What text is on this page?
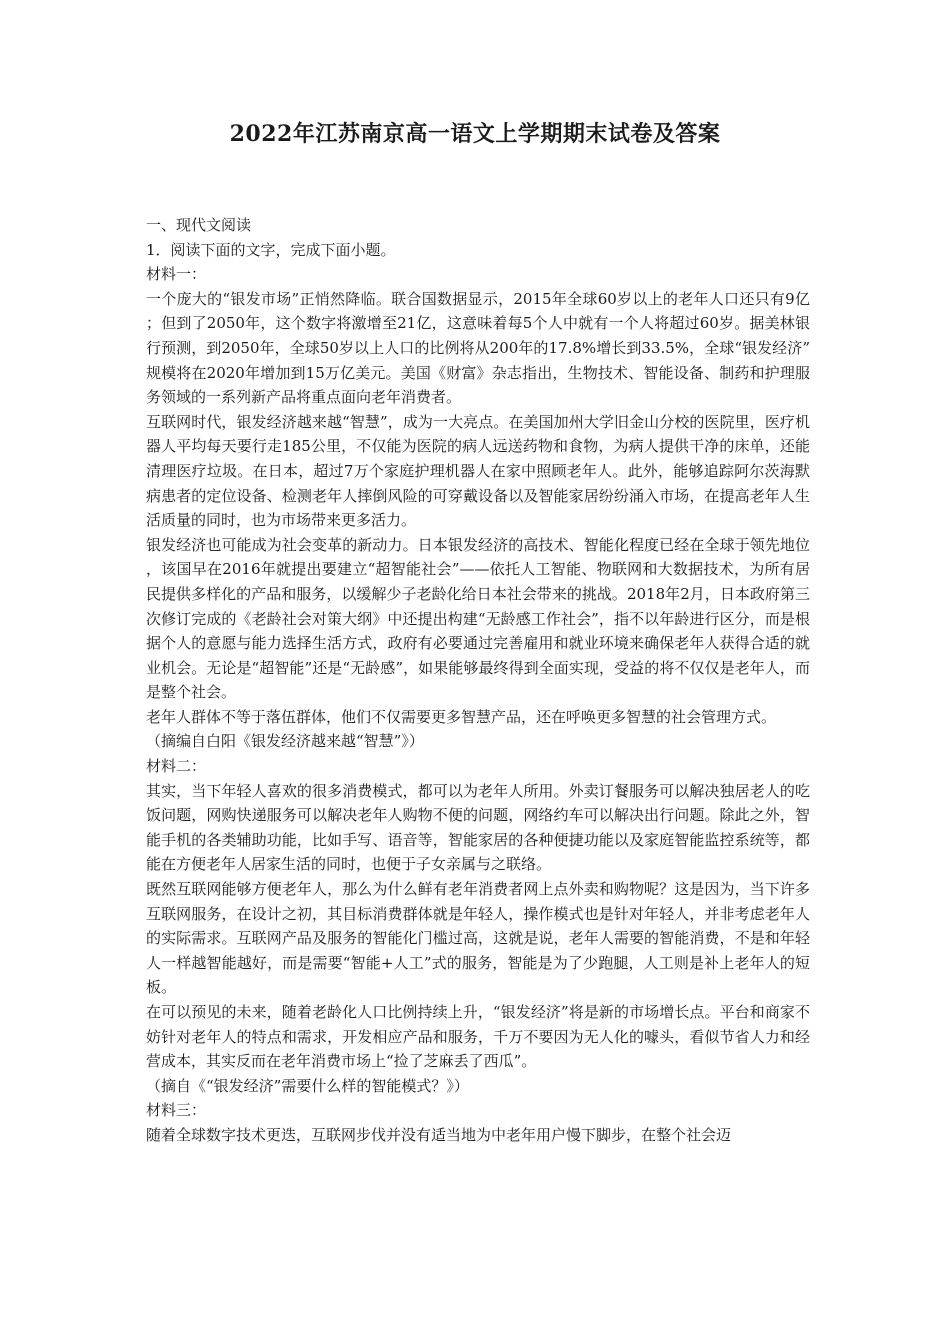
2022年江苏南京高一语文上学期期末试卷及答案

一、现代文阅读

1．阅读下面的文字，完成下面小题。

材料一：

一个庞大的“银发市场”正悄然降临。联合国数据显示，2015年全球60岁以上的老年人口还只有9亿；但到了2050年，这个数字将激增至21亿，这意味着每5个人中就有一个人将超过60岁。据美林银行预测，到2050年，全球50岁以上人口的比例将从200年的17.8%增长到33.5%，全球“银发经济”规模将在2020年增加到15万亿美元。美国《财富》杂志指出，生物技术、智能设备、制药和护理服务领域的一系列新产品将重点面向老年消费者。

互联网时代，银发经济越来越“智慧”，成为一大亮点。在美国加州大学旧金山分校的医院里，医疗机器人平均每天要行走185公里，不仅能为医院的病人远送药物和食物，为病人提供干净的床单，还能清理医疗垃圾。在日本，超过7万个家庭护理机器人在家中照顾老年人。此外，能够追踪阿尔茨海默病患者的定位设备、检测老年人摔倒风险的可穿戴设备以及智能家居纷纷涌入市场，在提高老年人生活质量的同时，也为市场带来更多活力。

银发经济也可能成为社会变革的新动力。日本银发经济的高技术、智能化程度已经在全球于领先地位，该国早在2016年就提出要建立“超智能社会”——依托人工智能、物联网和大数据技术，为所有居民提供多样化的产品和服务，以缓解少子老龄化给日本社会带来的挑战。2018年2月，日本政府第三次修订完成的《老龄社会对策大纲》中还提出构建“无龄感工作社会”，指不以年龄进行区分，而是根据个人的意愿与能力选择生活方式，政府有必要通过完善雇用和就业环境来确保老年人获得合适的就业机会。无论是“超智能”还是“无龄感”，如果能够最终得到全面实现，受益的将不仅仅是老年人，而是整个社会。

老年人群体不等于落伍群体，他们不仅需要更多智慧产品，还在呼唤更多智慧的社会管理方式。

（摘编自白阳《银发经济越来越“智慧”》）

材料二：

其实，当下年轻人喜欢的很多消费模式，都可以为老年人所用。外卖订餐服务可以解决独居老人的吃饭问题，网购快递服务可以解决老年人购物不便的问题，网络约车可以解决出行问题。除此之外，智能手机的各类辅助功能，比如手写、语音等，智能家居的各种便捷功能以及家庭智能监控系统等，都能在方便老年人居家生活的同时，也便于子女亲属与之联络。

既然互联网能够方便老年人，那么为什么鲜有老年消费者网上点外卖和购物呢？这是因为，当下许多互联网服务，在设计之初，其目标消费群体就是年轻人，操作模式也是针对年轻人，并非考虑老年人的实际需求。互联网产品及服务的智能化门槛过高，这就是说，老年人需要的智能消费，不是和年轻人一样越智能越好，而是需要“智能+人工”式的服务，智能是为了少跑腿，人工则是补上老年人的短板。

在可以预见的未来，随着老龄化人口比例持续上升，“银发经济”将是新的市场增长点。平台和商家不妨针对老年人的特点和需求，开发相应产品和服务，千万不要因为无人化的噱头，看似节省人力和经营成本，其实反而在老年消费市场上“捡了芝麻丢了西瓜”。

（摘自《“银发经济”需要什么样的智能模式？》）

材料三：

随着全球数字技术更迭，互联网步伐并没有适当地为中老年用户慢下脚步，在整个社会迈
